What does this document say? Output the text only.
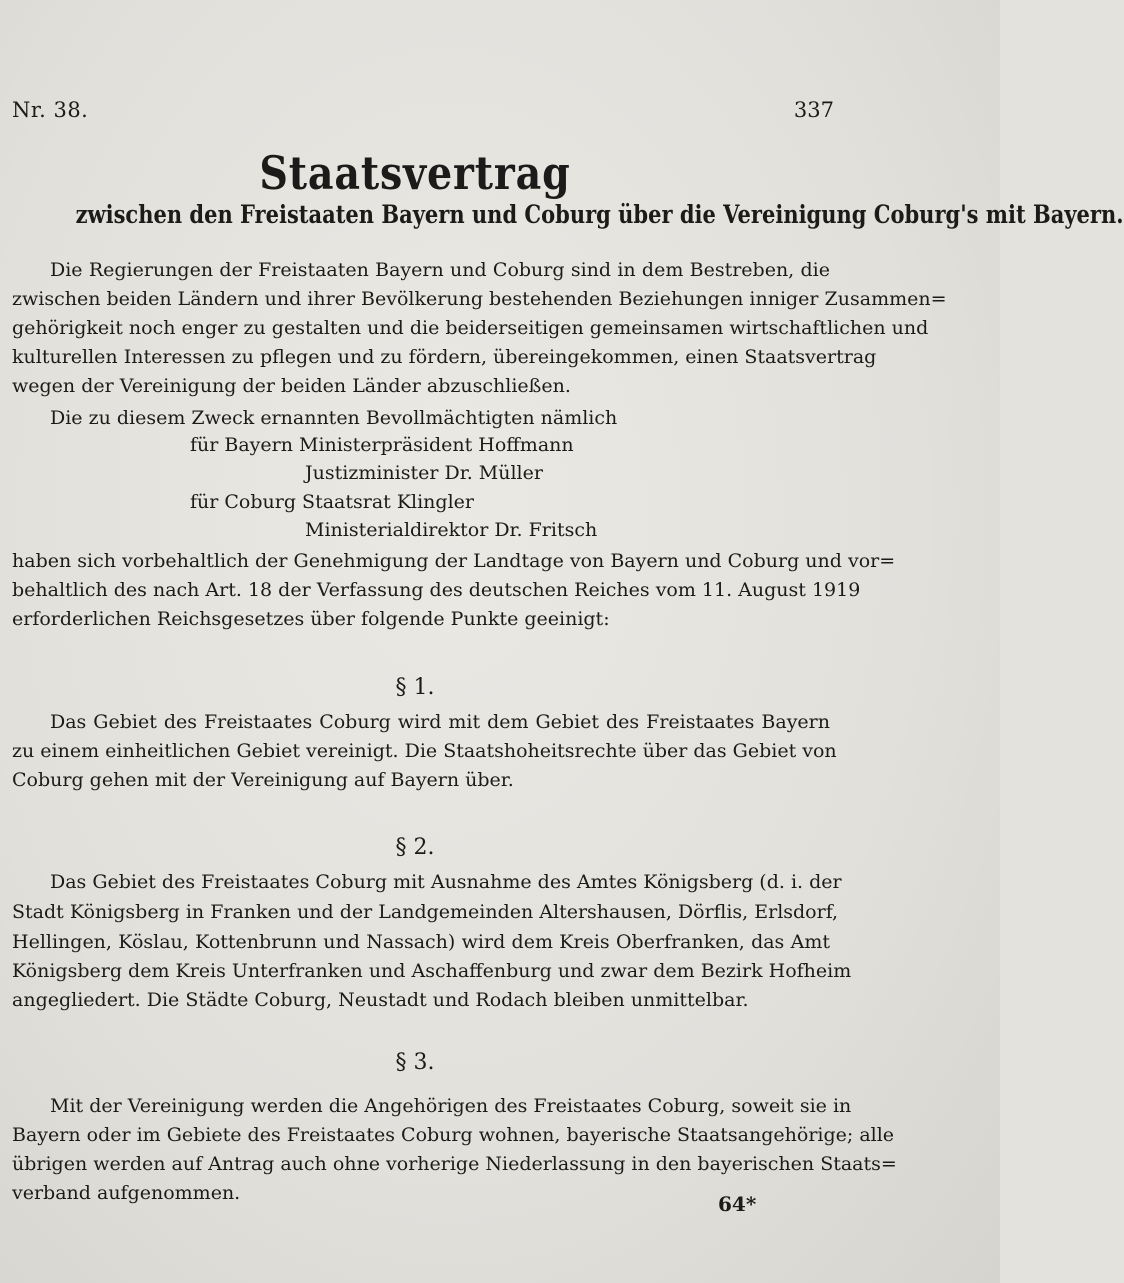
Nr. 38.	337
Staatsvertrag
zwischen den Freistaaten Bayern und Coburg über die Vereinigung Coburg's mit Bayern.
Die Regierungen der Freistaaten Bayern und Coburg sind in dem Bestreben, die
zwischen beiden Ländern und ihrer Bevölkerung bestehenden Beziehungen inniger Zusammen=
gehörigkeit noch enger zu gestalten und die beiderseitigen gemeinsamen wirtschaftlichen und
kulturellen Interessen zu pflegen und zu fördern, übereingekommen, einen Staatsvertrag
wegen der Vereinigung der beiden Länder abzuschließen.
Die zu diesem Zweck ernannten Bevollmächtigten nämlich
für Bayern Ministerpräsident Hoffmann
Justizminister Dr. Müller
für Coburg Staatsrat Klingler
Ministerialdirektor Dr. Fritsch
haben sich vorbehaltlich der Genehmigung der Landtage von Bayern und Coburg und vor=
behaltlich des nach Art. 18 der Verfassung des deutschen Reiches vom 11. August 1919
erforderlichen Reichsgesetzes über folgende Punkte geeinigt:
§ 1.
Das Gebiet des Freistaates Coburg wird mit dem Gebiet des Freistaates Bayern
zu einem einheitlichen Gebiet vereinigt. Die Staatshoheitsrechte über das Gebiet von
Coburg gehen mit der Vereinigung auf Bayern über.
§ 2.
Das Gebiet des Freistaates Coburg mit Ausnahme des Amtes Königsberg (d. i. der
Stadt Königsberg in Franken und der Landgemeinden Altershausen, Dörflis, Erlsdorf,
Hellingen, Köslau, Kottenbrunn und Nassach) wird dem Kreis Oberfranken, das Amt
Königsberg dem Kreis Unterfranken und Aschaffenburg und zwar dem Bezirk Hofheim
angegliedert. Die Städte Coburg, Neustadt und Rodach bleiben unmittelbar.
§ 3.
Mit der Vereinigung werden die Angehörigen des Freistaates Coburg, soweit sie in
Bayern oder im Gebiete des Freistaates Coburg wohnen, bayerische Staatsangehörige; alle
übrigen werden auf Antrag auch ohne vorherige Niederlassung in den bayerischen Staats=
verband aufgenommen.	64*
